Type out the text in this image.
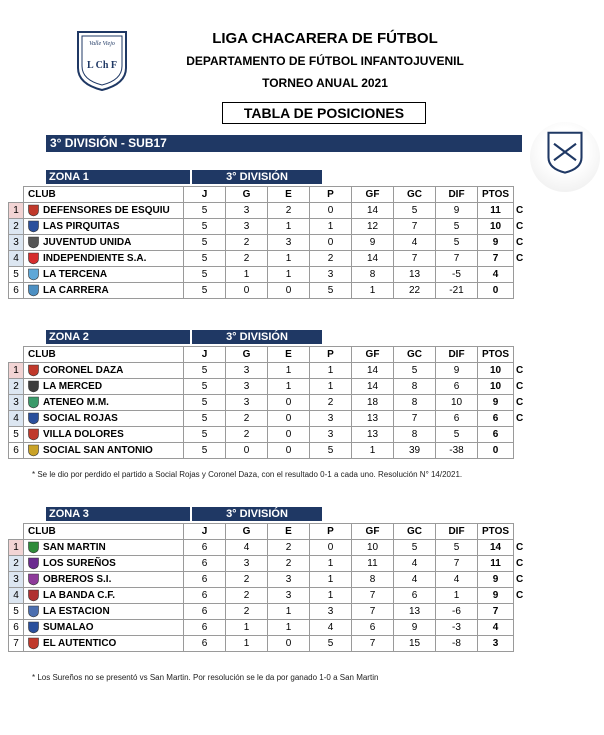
Valle Viejo
L Ch F
LIGA CHACARERA DE FÚTBOL
DEPARTAMENTO DE FÚTBOL INFANTOJUVENIL
TORNEO ANUAL 2021
TABLA DE POSICIONES
3° DIVISIÓN - SUB17
ZONA 1	3° DIVISIÓN
	CLUB	J	G	E	P	GF	GC	DIF	PTOS	
1	DEFENSORES DE ESQUIU	5	3	2	0	14	5	9	11	C
2	LAS PIRQUITAS	5	3	1	1	12	7	5	10	C
3	JUVENTUD UNIDA	5	2	3	0	9	4	5	9	C
4	INDEPENDIENTE S.A.	5	2	1	2	14	7	7	7	C
5	LA TERCENA	5	1	1	3	8	13	-5	4	
6	LA CARRERA	5	0	0	5	1	22	-21	0	
ZONA 2	3° DIVISIÓN
	CLUB	J	G	E	P	GF	GC	DIF	PTOS	
1	CORONEL DAZA	5	3	1	1	14	5	9	10	C
2	LA MERCED	5	3	1	1	14	8	6	10	C
3	ATENEO M.M.	5	3	0	2	18	8	10	9	C
4	SOCIAL ROJAS	5	2	0	3	13	7	6	6	C
5	VILLA DOLORES	5	2	0	3	13	8	5	6	
6	SOCIAL SAN ANTONIO	5	0	0	5	1	39	-38	0	
* Se le dio por perdido el partido a Social Rojas y Coronel Daza, con el resultado 0-1 a cada uno. Resolución N° 14/2021.
ZONA 3	3° DIVISIÓN
	CLUB	J	G	E	P	GF	GC	DIF	PTOS	
1	SAN MARTIN	6	4	2	0	10	5	5	14	C
2	LOS SUREÑOS	6	3	2	1	11	4	7	11	C
3	OBREROS S.I.	6	2	3	1	8	4	4	9	C
4	LA BANDA C.F.	6	2	3	1	7	6	1	9	C
5	LA ESTACION	6	2	1	3	7	13	-6	7	
6	SUMALAO	6	1	1	4	6	9	-3	4	
7	EL AUTENTICO	6	1	0	5	7	15	-8	3	
* Los Sureños no se presentó vs San Martin. Por resolución se le da por ganado 1-0 a San Martin
